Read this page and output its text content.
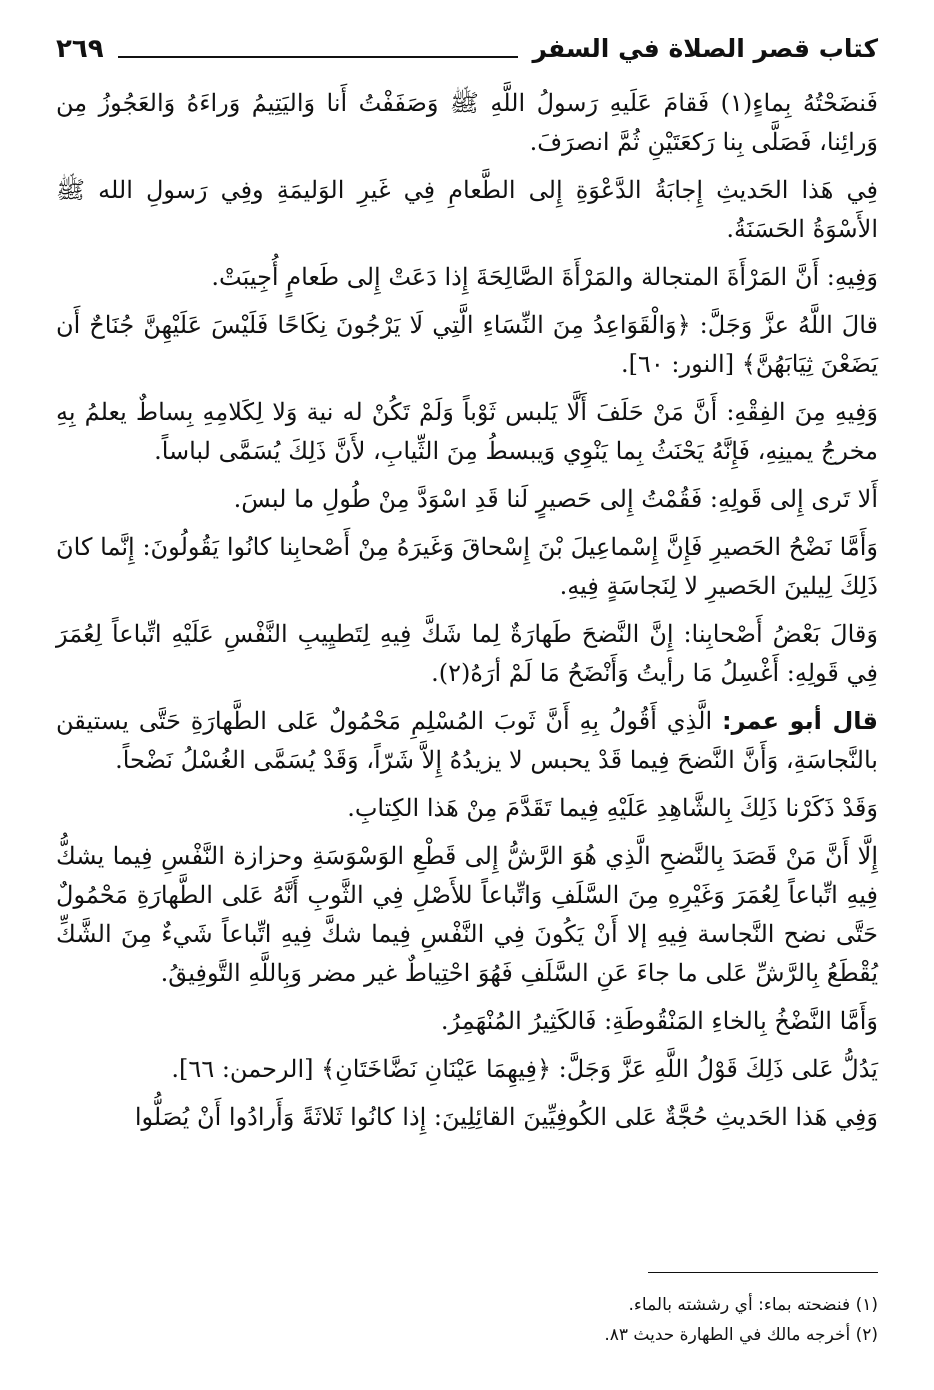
كتاب قصر الصلاة في السفر
٢٦٩

فَنضَحْتُهُ بِماءٍ(١) فَقامَ عَلَيهِ رَسولُ اللَّهِ ﷺ وَصَفَفْتُ أَنا وَاليَتِيمُ وَراءَهُ وَالعَجُوزُ مِن وَرائِنا، فَصَلَّى بِنا رَكعَتَيْنِ ثُمَّ انصرَفَ.

فِي هَذا الحَديثِ إِجابَةُ الدَّعْوَةِ إِلى الطَّعامِ فِي غَيرِ الوَليمَةِ وفِي رَسولِ الله ﷺ الأَسْوَةُ الحَسَنَةُ.

وَفِيهِ: أَنَّ المَرْأَةَ المتجالة والمَرْأَةَ الصَّالِحَةَ إِذا دَعَتْ إِلى طَعامٍ أُجِيبَتْ.

قالَ اللَّهُ عزَّ وَجَلَّ: ﴿وَالْقَوَاعِدُ مِنَ النِّسَاءِ الَّتِي لَا يَرْجُونَ نِكَاحًا فَلَيْسَ عَلَيْهِنَّ جُنَاحٌ أَن يَضَعْنَ ثِيَابَهُنَّ﴾ [النور: ٦٠].

وَفِيهِ مِنَ الفِقْهِ: أَنَّ مَنْ حَلَفَ أَلَّا يَلبس ثَوْباً وَلَمْ تَكُنْ له نية وَلا لِكَلامِهِ بِساطٌ يعلمُ بِهِ مخرجُ يمينِهِ، فَإِنَّهُ يَحْنَثُ بِما يَنْوِي وَيبسطُ مِنَ الثِّيابِ، لأَنَّ ذَلِكَ يُسَمَّى لباساً.

أَلا تَرى إِلى قَولِهِ: فَقُمْتُ إِلى حَصيرٍ لَنا قَدِ اسْوَدَّ مِنْ طُولِ ما لبسَ.

وَأَمَّا نَضْحُ الحَصيرِ فَإِنَّ إِسْماعِيلَ بْنَ إِسْحاقَ وَغَيرَهُ مِنْ أَصْحابِنا كانُوا يَقُولُونَ: إِنَّما كانَ ذَلِكَ لِيلينَ الحَصيرِ لا لِنَجاسَةٍ فِيهِ.

وَقالَ بَعْضُ أَصْحابِنا: إِنَّ النَّضحَ طَهارَةٌ لِما شَكَّ فِيهِ لِتَطيِيبِ النَّفْسِ عَلَيْهِ اتِّباعاً لِعُمَرَ فِي قَولِهِ: أَغْسِلُ مَا رأيتُ وَأَنْضَحُ مَا لَمْ أرَهُ(٢).

قال أبو عمر: الَّذِي أَقُولُ بِهِ أَنَّ ثَوبَ المُسْلِمِ مَحْمُولٌ عَلى الطَّهارَةِ حَتَّى يستيقن بالنَّجاسَةِ، وَأَنَّ النَّضحَ فِيما قَدْ يحبس لا يزيدُهُ إِلاَّ شَرّاً، وَقَدْ يُسَمَّى الغُسْلُ نَضْحاً.

وَقَدْ ذَكَرْنا ذَلِكَ بِالشَّاهِدِ عَلَيْهِ فِيما تَقَدَّمَ مِنْ هَذا الكِتابِ.

إِلَّا أَنَّ مَنْ قَصَدَ بِالنَّضحِ الَّذِي هُوَ الرَّشُّ إِلى قَطْعِ الوَسْوَسَةِ وحزازة النَّفْسِ فِيما يشكُّ فِيهِ اتِّباعاً لِعُمَرَ وَغَيْرِهِ مِنَ السَّلَفِ وَاتِّباعاً للأَصْلِ فِي الثَّوبِ أَنَّهُ عَلى الطَّهارَةِ مَحْمُولٌ حَتَّى نضح النَّجاسة فِيهِ إلا أَنْ يَكُونَ فِي النَّفْسِ فِيما شكَّ فِيهِ اتِّباعاً شَيءٌ مِنَ الشَّكِّ يُقْطَعُ بِالرَّشِّ عَلى ما جاءَ عَنِ السَّلَفِ فَهُوَ احْتِياطٌ غير مضر وَبِاللَّهِ التَّوفِيقُ.

وَأَمَّا النَّضْخُ بِالخاءِ المَنْقُوطَةِ: فَالكَثِيرُ المُنْهَمِرُ.

يَدُلُّ عَلى ذَلِكَ قَوْلُ اللَّهِ عَزَّ وَجَلَّ: ﴿فِيهِمَا عَيْنَانِ نَضَّاخَتَانِ﴾ [الرحمن: ٦٦].

وَفِي هَذا الحَديثِ حُجَّةٌ عَلى الكُوفِيِّينَ القائِلِينَ: إِذا كانُوا ثَلاثَةً وَأَرادُوا أَنْ يُصَلُّوا

(١) فنضحته بماء: أي رششته بالماء.
(٢) أخرجه مالك في الطهارة حديث ٨٣.
